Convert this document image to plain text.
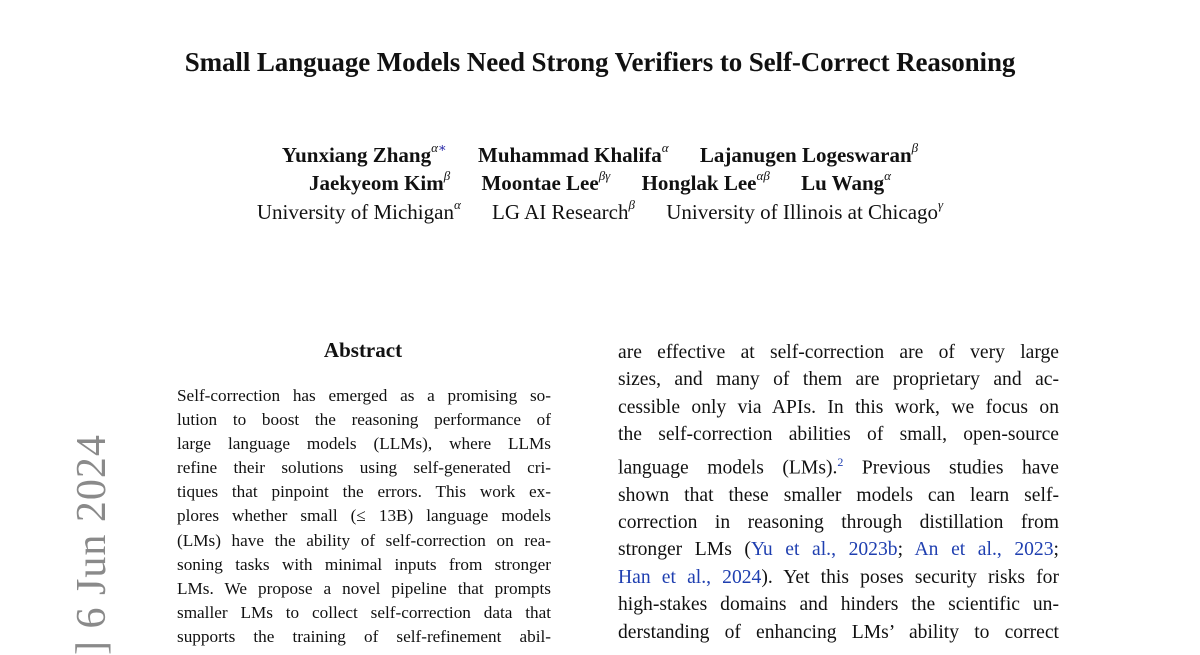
Small Language Models Need Strong Verifiers to Self-Correct Reasoning
Yunxiang Zhang$^{\alpha∗}$ Muhammad Khalifa$^\alpha$ Lajanugen Logeswaran$^\beta$
Jaekyeom Kim$^\beta$ Moontae Lee$^{\beta\gamma}$ Honglak Lee$^{\alpha\beta}$ Lu Wang$^\alpha$
University of Michigan$^\alpha$ LG AI Research$^\beta$ University of Illinois at Chicago$^\gamma$
] 6 Jun 2024
Abstract
Self-correction has emerged as a promising so-
lution to boost the reasoning performance of
large language models (LLMs), where LLMs
refine their solutions using self-generated cri-
tiques that pinpoint the errors. This work ex-
plores whether small (≤ 13B) language models
(LMs) have the ability of self-correction on rea-
soning tasks with minimal inputs from stronger
LMs. We propose a novel pipeline that prompts
smaller LMs to collect self-correction data that
supports the training of self-refinement abil-
are effective at self-correction are of very large
sizes, and many of them are proprietary and ac-
cessible only via APIs. In this work, we focus on
the self-correction abilities of small, open-source
language models (LMs).$^2$ Previous studies have
shown that these smaller models can learn self-
correction in reasoning through distillation from
stronger LMs (Yu et al., 2023b; An et al., 2023;
Han et al., 2024). Yet this poses security risks for
high-stakes domains and hinders the scientific un-
derstanding of enhancing LMs’ ability to correct
